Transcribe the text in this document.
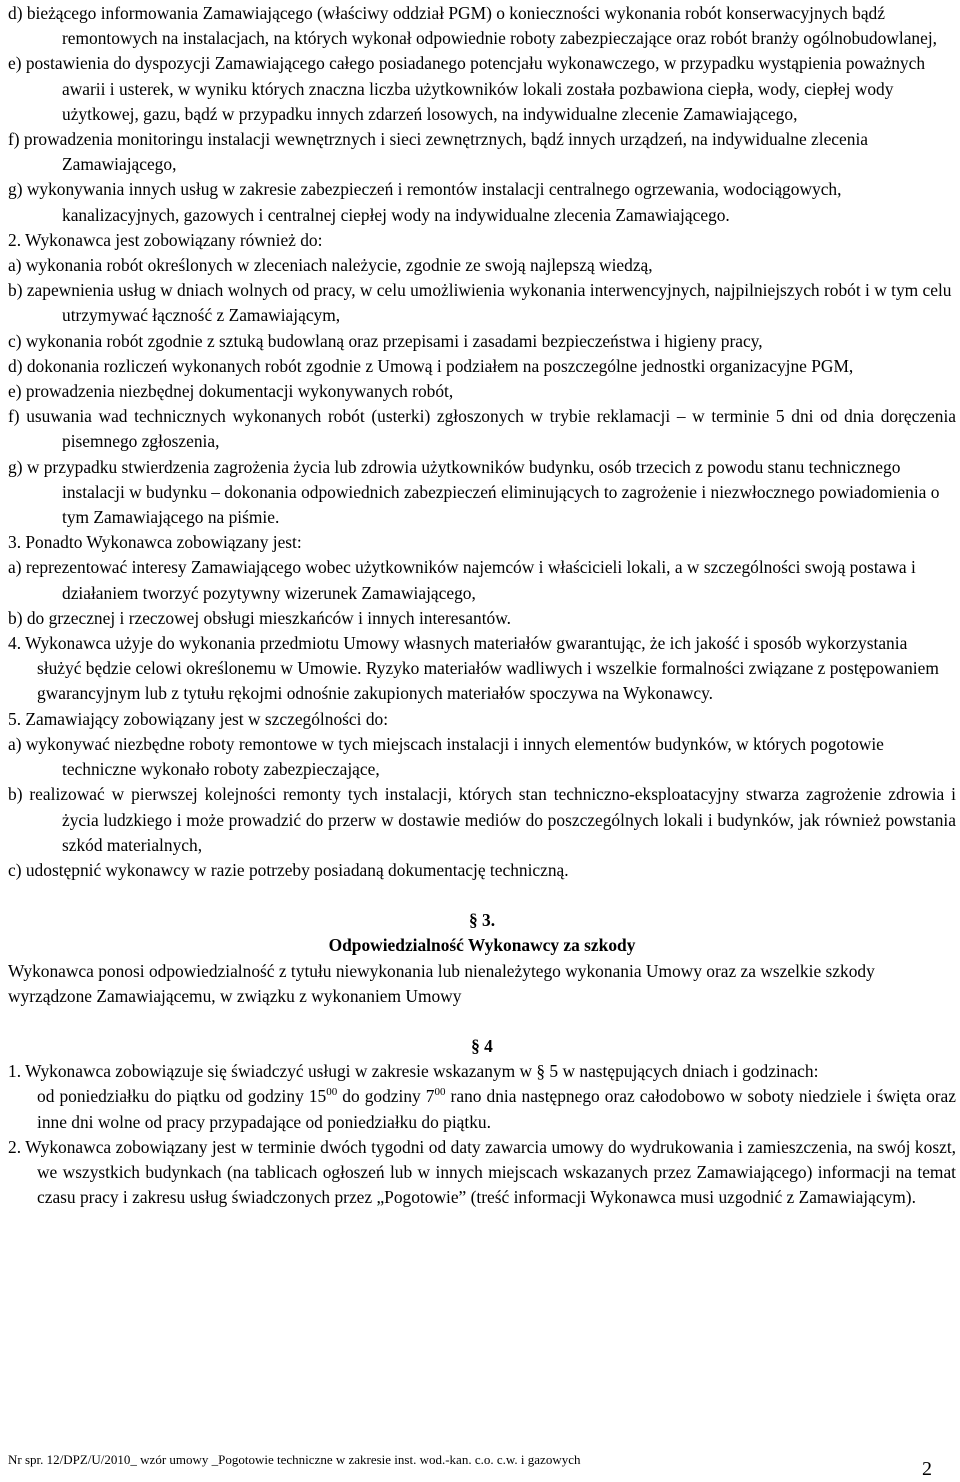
d) bieżącego informowania Zamawiającego (właściwy oddział PGM) o konieczności wykonania robót konserwacyjnych bądź remontowych na instalacjach, na których wykonał odpowiednie roboty zabezpieczające oraz robót branży ogólnobudowlanej,

e) postawienia do dyspozycji Zamawiającego całego posiadanego potencjału wykonawczego, w przypadku wystąpienia poważnych awarii i usterek, w wyniku których znaczna liczba użytkowników lokali została pozbawiona ciepła, wody, ciepłej wody użytkowej, gazu, bądź w przypadku innych zdarzeń losowych, na indywidualne zlecenie Zamawiającego,

f) prowadzenia monitoringu instalacji wewnętrznych i sieci zewnętrznych, bądź innych urządzeń, na indywidualne zlecenia Zamawiającego,

g) wykonywania innych usług w zakresie zabezpieczeń i remontów instalacji centralnego ogrzewania, wodociągowych, kanalizacyjnych, gazowych i centralnej ciepłej wody na indywidualne zlecenia Zamawiającego.

2. Wykonawca jest zobowiązany również do:

a) wykonania robót określonych w zleceniach należycie, zgodnie ze swoją najlepszą wiedzą,

b) zapewnienia usług w dniach wolnych od pracy, w celu umożliwienia wykonania interwencyjnych, najpilniejszych robót i w tym celu utrzymywać łączność z Zamawiającym,

c) wykonania robót zgodnie z sztuką budowlaną oraz przepisami i zasadami bezpieczeństwa i higieny pracy,

d) dokonania rozliczeń wykonanych robót zgodnie z Umową i podziałem na poszczególne jednostki organizacyjne PGM,

e) prowadzenia niezbędnej dokumentacji wykonywanych robót,

f) usuwania wad technicznych wykonanych robót (usterki) zgłoszonych w trybie reklamacji – w terminie 5 dni od dnia doręczenia pisemnego zgłoszenia,

g) w przypadku stwierdzenia zagrożenia życia lub zdrowia użytkowników budynku, osób trzecich z powodu stanu technicznego instalacji w budynku – dokonania odpowiednich zabezpieczeń eliminujących to zagrożenie i niezwłocznego powiadomienia o tym Zamawiającego na piśmie.

3. Ponadto Wykonawca zobowiązany jest:

a) reprezentować interesy Zamawiającego wobec użytkowników najemców i właścicieli lokali, a w szczególności swoją postawa i działaniem tworzyć pozytywny wizerunek Zamawiającego,

b) do grzecznej i rzeczowej obsługi mieszkańców i innych interesantów.

4. Wykonawca użyje do wykonania przedmiotu Umowy własnych materiałów gwarantując, że ich jakość i sposób wykorzystania służyć będzie celowi określonemu w Umowie. Ryzyko materiałów wadliwych i wszelkie formalności związane z postępowaniem gwarancyjnym lub z tytułu rękojmi odnośnie zakupionych materiałów spoczywa na Wykonawcy.

5. Zamawiający zobowiązany jest w szczególności do:

a) wykonywać niezbędne roboty remontowe w tych miejscach instalacji i innych elementów budynków, w których pogotowie techniczne wykonało roboty zabezpieczające,

b) realizować w pierwszej kolejności remonty tych instalacji, których stan techniczno-eksploatacyjny stwarza zagrożenie zdrowia i życia ludzkiego i może prowadzić do przerw w dostawie mediów do poszczególnych lokali i budynków, jak również powstania szkód materialnych,

c) udostępnić wykonawcy w razie potrzeby posiadaną dokumentację techniczną.

§ 3.

Odpowiedzialność Wykonawcy za szkody

Wykonawca ponosi odpowiedzialność z tytułu niewykonania lub nienależytego wykonania Umowy oraz za wszelkie szkody wyrządzone Zamawiającemu, w związku z wykonaniem Umowy

§ 4

1. Wykonawca zobowiązuje się świadczyć usługi w zakresie wskazanym w § 5 w następujących dniach i godzinach:

od poniedziałku do piątku od godziny $15^{00}$ do godziny $7^{00}$ rano dnia następnego oraz całodobowo w soboty niedziele i święta oraz inne dni wolne od pracy przypadające od poniedziałku do piątku.

2. Wykonawca zobowiązany jest w terminie dwóch tygodni od daty zawarcia umowy do wydrukowania i zamieszczenia, na swój koszt, we wszystkich budynkach (na tablicach ogłoszeń lub w innych miejscach wskazanych przez Zamawiającego) informacji na temat czasu pracy i zakresu usług świadczonych przez „Pogotowie” (treść informacji Wykonawca musi uzgodnić z Zamawiającym).

Nr spr. 12/DPZ/U/2010_ wzór umowy _Pogotowie techniczne w zakresie inst. wod.-kan. c.o. c.w. i gazowych	2
